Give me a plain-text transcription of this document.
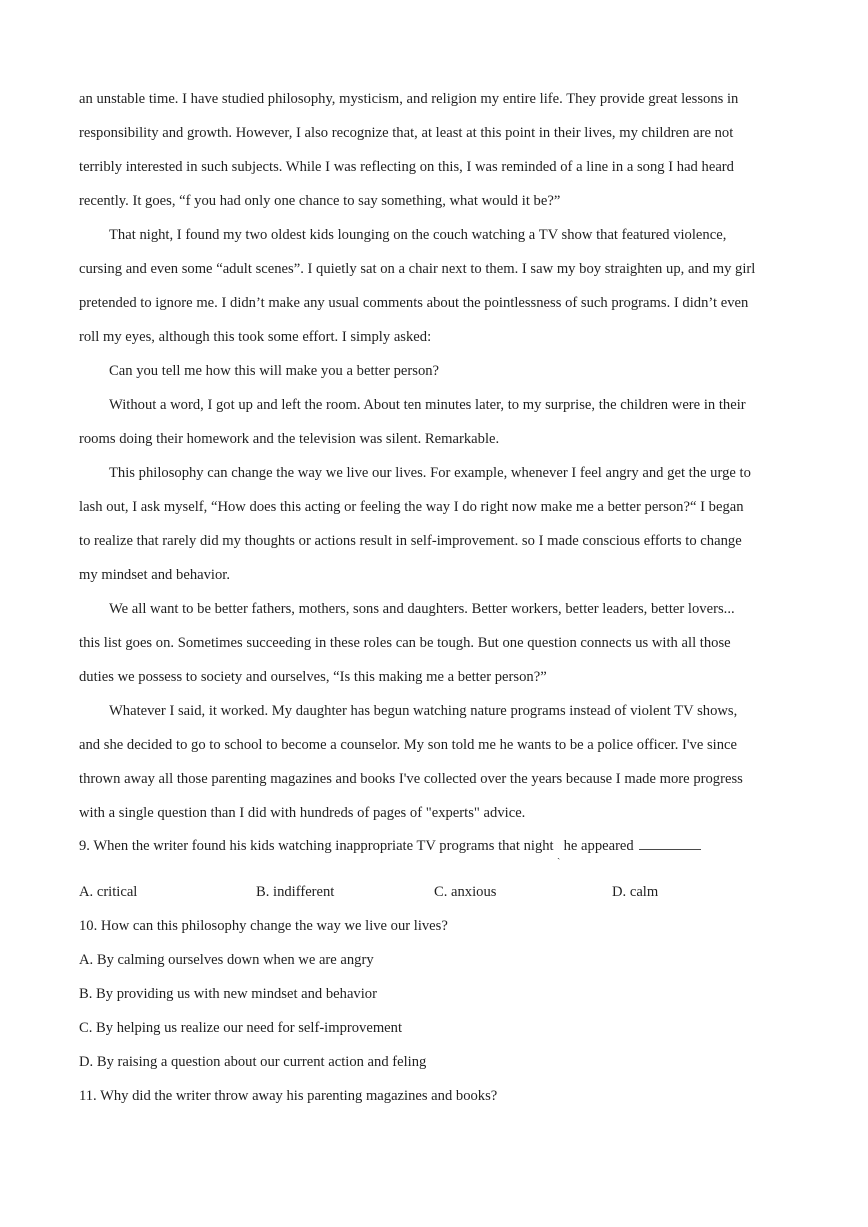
an unstable time. I have studied philosophy, mysticism, and religion my entire life. They provide great lessons in
responsibility and growth. However, I also recognize that, at least at this point in their lives, my children are not
terribly interested in such subjects. While I was reflecting on this, I was reminded of a line in a song I had heard
recently. It goes, “f you had only one chance to say something, what would it be?”
That night, I found my two oldest kids lounging on the couch watching a TV show that featured violence,
cursing and even some “adult scenes”. I quietly sat on a chair next to them. I saw my boy straighten up, and my girl
pretended to ignore me. I didn’t make any usual comments about the pointlessness of such programs. I didn’t even
roll my eyes, although this took some effort. I simply asked:
Can you tell me how this will make you a better person?
Without a word, I got up and left the room. About ten minutes later, to my surprise, the children were in their
rooms doing their homework and the television was silent. Remarkable.
This philosophy can change the way we live our lives. For example, whenever I feel angry and get the urge to
lash out, I ask myself, “How does this acting or feeling the way I do right now make me a better person?“ I began
to realize that rarely did my thoughts or actions result in self-improvement. so I made conscious efforts to change
my mindset and behavior.
We all want to be better fathers, mothers, sons and daughters. Better workers, better leaders, better lovers...
this list goes on. Sometimes succeeding in these roles can be tough. But one question connects us with all those
duties we possess to society and ourselves, “Is this making me a better person?”
Whatever I said, it worked. My daughter has begun watching nature programs instead of violent TV shows,
and she decided to go to school to become a counselor. My son told me he wants to be a police officer. I've since
thrown away all those parenting magazines and books I've collected over the years because I made more progress
with a single question than I did with hundreds of pages of "experts" advice.
9. When the writer found his kids watching inappropriate TV programs that nightˏhe appeared
A. critical	B. indifferent	C. anxious	D. calm
10. How can this philosophy change the way we live our lives?
A. By calming ourselves down when we are angry
B. By providing us with new mindset and behavior
C. By helping us realize our need for self-improvement
D. By raising a question about our current action and feling
11. Why did the writer throw away his parenting magazines and books?
